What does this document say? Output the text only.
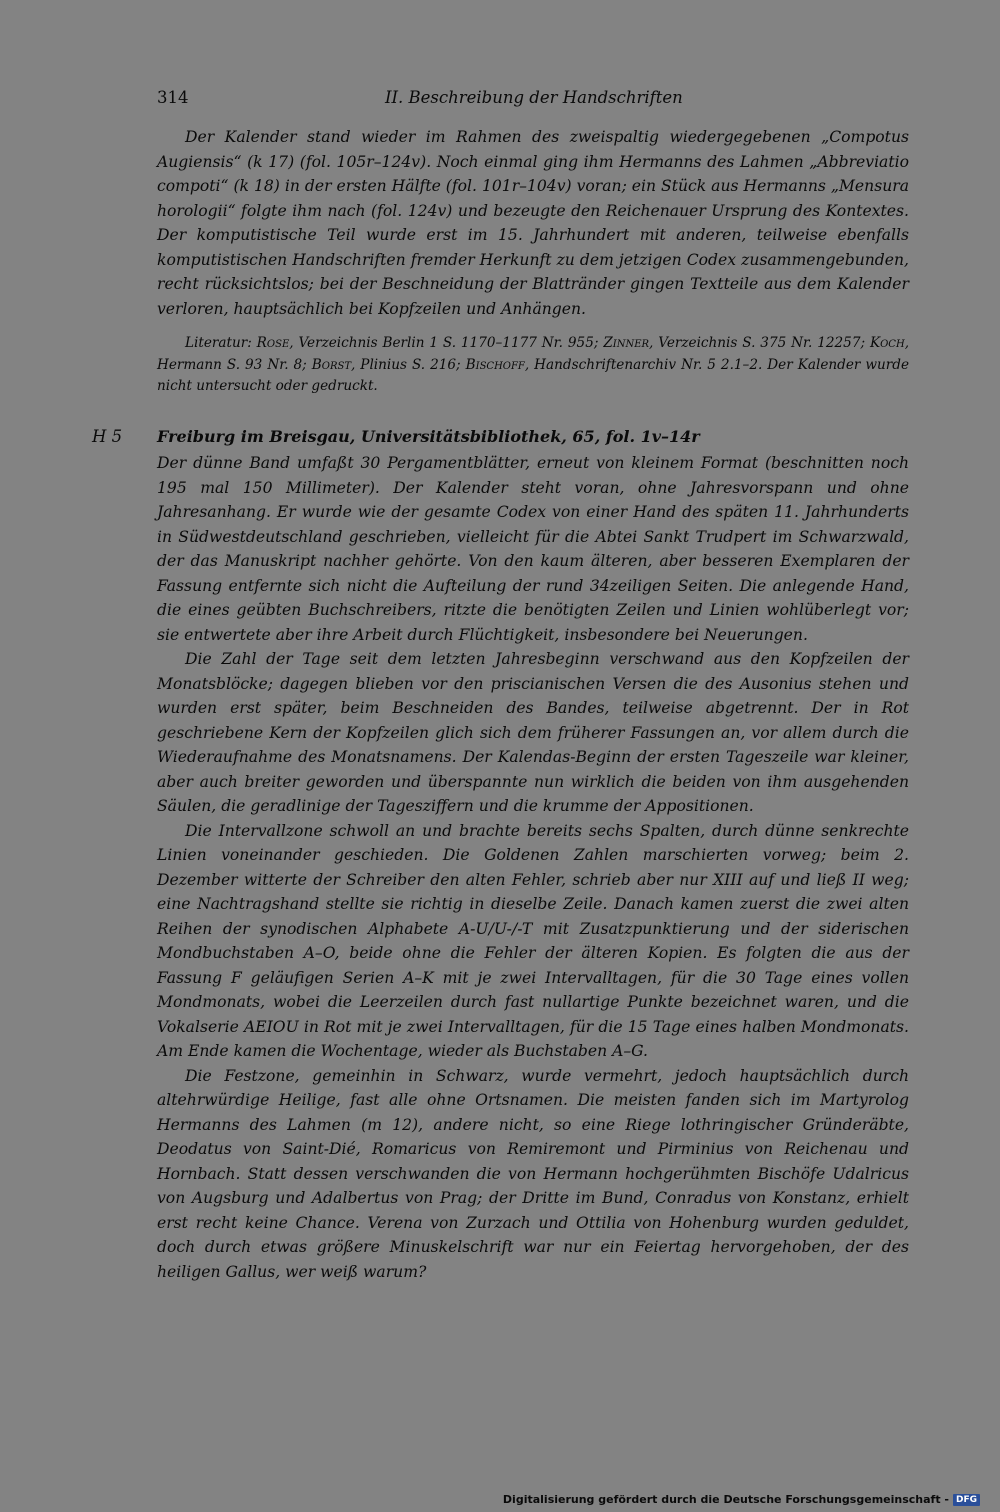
314	II. Beschreibung der Handschriften

Der Kalender stand wieder im Rahmen des zweispaltig wiedergegebenen „Compotus Augiensis“ (k 17) (fol. 105r–124v). Noch einmal ging ihm Hermanns des Lahmen „Abbreviatio compoti“ (k 18) in der ersten Hälfte (fol. 101r–104v) voran; ein Stück aus Hermanns „Mensura horologii“ folgte ihm nach (fol. 124v) und bezeugte den Reichenauer Ursprung des Kontextes. Der komputistische Teil wurde erst im 15. Jahrhundert mit anderen, teilweise ebenfalls komputistischen Handschriften fremder Herkunft zu dem jetzigen Codex zusammengebunden, recht rücksichtslos; bei der Beschneidung der Blattränder gingen Textteile aus dem Kalender verloren, hauptsächlich bei Kopfzeilen und Anhängen.

Literatur: Rose, Verzeichnis Berlin 1 S. 1170–1177 Nr. 955; Zinner, Verzeichnis S. 375 Nr. 12257; Koch, Hermann S. 93 Nr. 8; Borst, Plinius S. 216; Bischoff, Handschriftenarchiv Nr. 5 2.1–2. Der Kalender wurde nicht untersucht oder gedruckt.

H 5 Freiburg im Breisgau, Universitätsbibliothek, 65, fol. 1v–14r

Der dünne Band umfaßt 30 Pergamentblätter, erneut von kleinem Format (beschnitten noch 195 mal 150 Millimeter). Der Kalender steht voran, ohne Jahresvorspann und ohne Jahresanhang. Er wurde wie der gesamte Codex von einer Hand des späten 11. Jahrhunderts in Südwestdeutschland geschrieben, vielleicht für die Abtei Sankt Trudpert im Schwarzwald, der das Manuskript nachher gehörte. Von den kaum älteren, aber besseren Exemplaren der Fassung entfernte sich nicht die Aufteilung der rund 34zeiligen Seiten. Die anlegende Hand, die eines geübten Buchschreibers, ritzte die benötigten Zeilen und Linien wohlüberlegt vor; sie entwertete aber ihre Arbeit durch Flüchtigkeit, insbesondere bei Neuerungen.

Die Zahl der Tage seit dem letzten Jahresbeginn verschwand aus den Kopfzeilen der Monatsblöcke; dagegen blieben vor den priscianischen Versen die des Ausonius stehen und wurden erst später, beim Beschneiden des Bandes, teilweise abgetrennt. Der in Rot geschriebene Kern der Kopfzeilen glich sich dem früherer Fassungen an, vor allem durch die Wiederaufnahme des Monatsnamens. Der Kalendas-Beginn der ersten Tageszeile war kleiner, aber auch breiter geworden und überspannte nun wirklich die beiden von ihm ausgehenden Säulen, die geradlinige der Tagesziffern und die krumme der Appositionen.

Die Intervallzone schwoll an und brachte bereits sechs Spalten, durch dünne senkrechte Linien voneinander geschieden. Die Goldenen Zahlen marschierten vorweg; beim 2. Dezember witterte der Schreiber den alten Fehler, schrieb aber nur XIII auf und ließ II weg; eine Nachtragshand stellte sie richtig in dieselbe Zeile. Danach kamen zuerst die zwei alten Reihen der synodischen Alphabete A-U/U-/-T mit Zusatzpunktierung und der siderischen Mondbuchstaben A–O, beide ohne die Fehler der älteren Kopien. Es folgten die aus der Fassung F geläufigen Serien A–K mit je zwei Intervalltagen, für die 30 Tage eines vollen Mondmonats, wobei die Leerzeilen durch fast nullartige Punkte bezeichnet waren, und die Vokalserie AEIOU in Rot mit je zwei Intervalltagen, für die 15 Tage eines halben Mondmonats. Am Ende kamen die Wochentage, wieder als Buchstaben A–G.

Die Festzone, gemeinhin in Schwarz, wurde vermehrt, jedoch hauptsächlich durch altehrwürdige Heilige, fast alle ohne Ortsnamen. Die meisten fanden sich im Martyrolog Hermanns des Lahmen (m 12), andere nicht, so eine Riege lothringischer Gründeräbte, Deodatus von Saint-Dié, Romaricus von Remiremont und Pirminius von Reichenau und Hornbach. Statt dessen verschwanden die von Hermann hochgerühmten Bischöfe Udalricus von Augsburg und Adalbertus von Prag; der Dritte im Bund, Conradus von Konstanz, erhielt erst recht keine Chance. Verena von Zurzach und Ottilia von Hohenburg wurden geduldet, doch durch etwas größere Minuskelschrift war nur ein Feiertag hervorgehoben, der des heiligen Gallus, wer weiß warum?

Digitalisierung gefördert durch die Deutsche Forschungsgemeinschaft - DFG
